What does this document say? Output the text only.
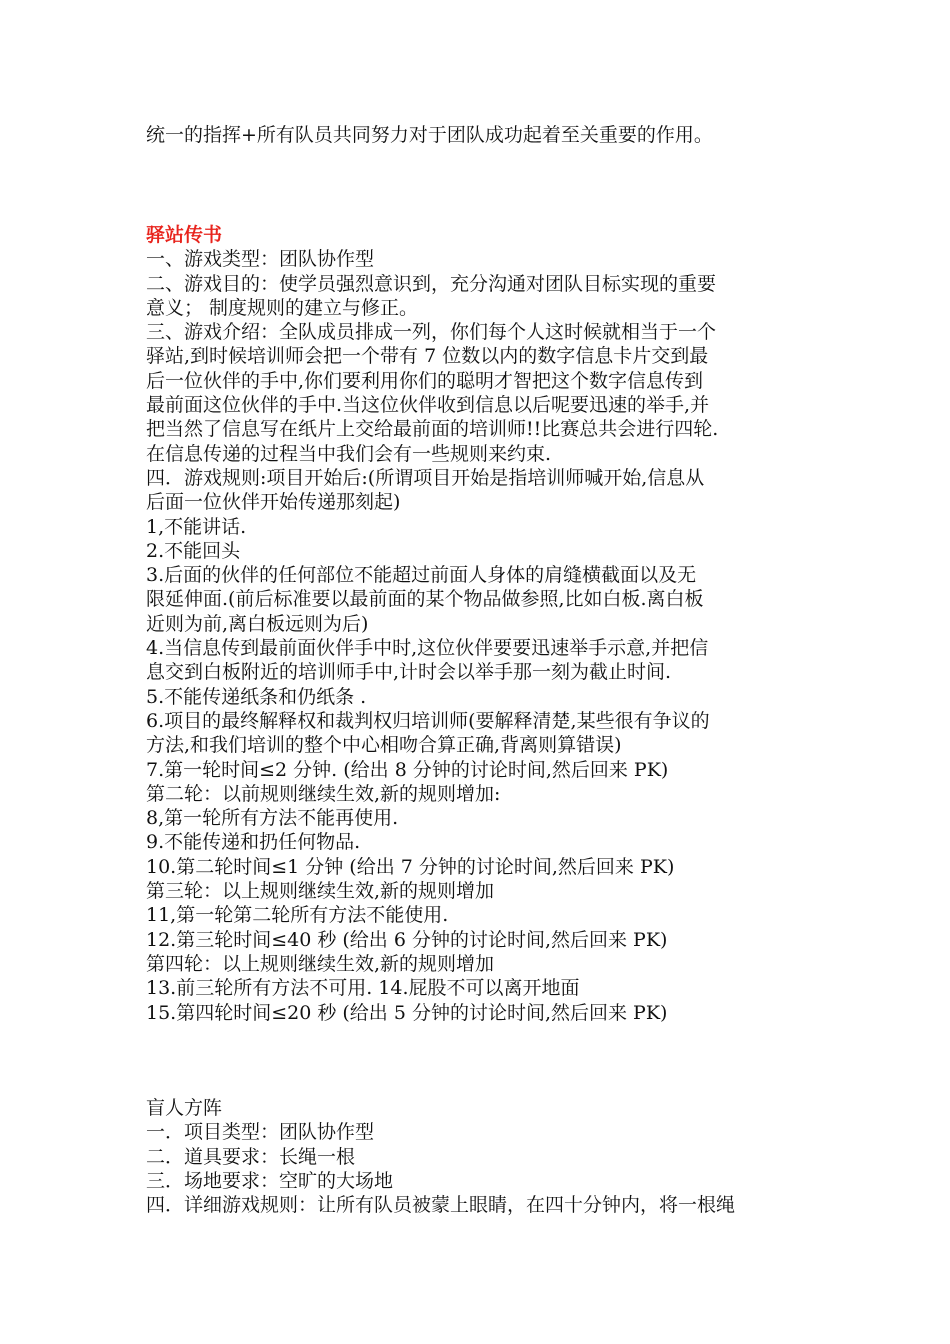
统一的指挥+所有队员共同努力对于团队成功起着至关重要的作用。
驿站传书
一、游戏类型：团队协作型
二、游戏目的：使学员强烈意识到，充分沟通对团队目标实现的重要
意义； 制度规则的建立与修正。
三、游戏介绍：全队成员排成一列，你们每个人这时候就相当于一个
驿站,到时候培训师会把一个带有 7 位数以内的数字信息卡片交到最
后一位伙伴的手中,你们要利用你们的聪明才智把这个数字信息传到
最前面这位伙伴的手中.当这位伙伴收到信息以后呢要迅速的举手,并
把当然了信息写在纸片上交给最前面的培训师!!比赛总共会进行四轮.
在信息传递的过程当中我们会有一些规则来约束.
四．游戏规则:项目开始后:(所谓项目开始是指培训师喊开始,信息从
后面一位伙伴开始传递那刻起)
1,不能讲话.
2.不能回头
3.后面的伙伴的任何部位不能超过前面人身体的肩缝横截面以及无
限延伸面.(前后标准要以最前面的某个物品做参照,比如白板.离白板
近则为前,离白板远则为后)
4.当信息传到最前面伙伴手中时,这位伙伴要要迅速举手示意,并把信
息交到白板附近的培训师手中,计时会以举手那一刻为截止时间.
5.不能传递纸条和仍纸条 .
6.项目的最终解释权和裁判权归培训师(要解释清楚,某些很有争议的
方法,和我们培训的整个中心相吻合算正确,背离则算错误)
7.第一轮时间≤2 分钟. (给出 8 分钟的讨论时间,然后回来 PK)
第二轮：以前规则继续生效,新的规则增加:
8,第一轮所有方法不能再使用.
9.不能传递和扔任何物品.
10.第二轮时间≤1 分钟 (给出 7 分钟的讨论时间,然后回来 PK)
第三轮：以上规则继续生效,新的规则增加
11,第一轮第二轮所有方法不能使用.
12.第三轮时间≤40 秒 (给出 6 分钟的讨论时间,然后回来 PK)
第四轮：以上规则继续生效,新的规则增加
13.前三轮所有方法不可用. 14.屁股不可以离开地面
15.第四轮时间≤20 秒 (给出 5 分钟的讨论时间,然后回来 PK)
盲人方阵
一．项目类型：团队协作型
二．道具要求：长绳一根
三．场地要求：空旷的大场地
四．详细游戏规则：让所有队员被蒙上眼睛，在四十分钟内，将一根绳
